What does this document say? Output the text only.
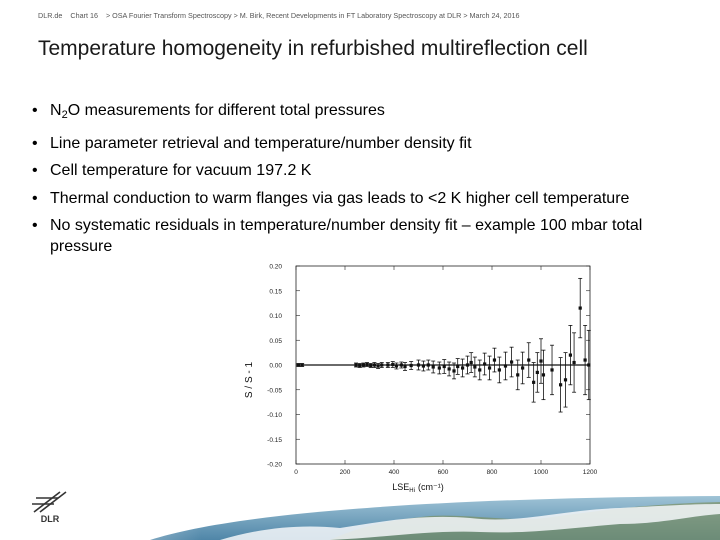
DLR.de Chart 16 > OSA Fourier Transform Spectroscopy > M. Birk, Recent Developments in FT Laboratory Spectroscopy at DLR > March 24, 2016
Temperature homogeneity in refurbished multireflection cell
• $N_2O$ measurements for different total pressures
• Line parameter retrieval and temperature/number density fit
• Cell temperature for vacuum 197.2 K
• Thermal conduction to warm flanges via gas leads to <2 K higher cell temperature
• No systematic residuals in temperature/number density fit – example 100 mbar total pressure
S / S - 1
$LSE_{Hi}$ (cm⁻¹)
0.20
0.15
0.10
0.05
0.00
-0.05
-0.10
-0.15
-0.20
0	200	400	600	800	1000	1200
DLR
